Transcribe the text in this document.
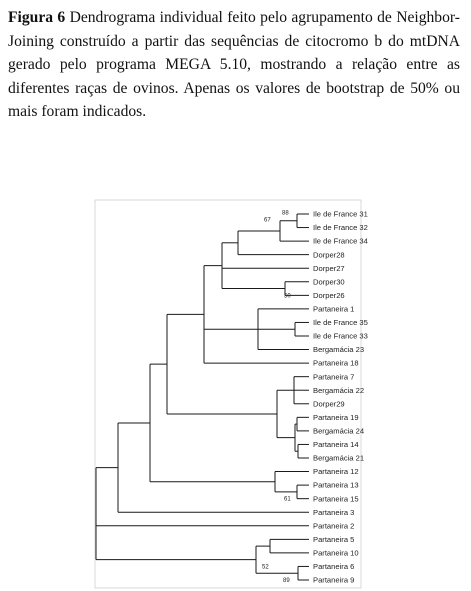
Figura 6 Dendrograma individual feito pelo agrupamento de Neighbor-Joining construído a partir das sequências de citocromo b do mtDNA gerado pelo programa MEGA 5.10, mostrando a relação entre as diferentes raças de ovinos. Apenas os valores de bootstrap de 50% ou mais foram indicados.

Ile de France 31
Ile de France 32
Ile de France 34
Dorper28
Dorper27
Dorper30
Dorper26
Partaneira 1
Ile de France 35
Ile de France 33
Bergamácia 23
Partaneira 18
Partaneira 7
Bergamácia 22
Dorper29
Partaneira 19
Bergamácia 24
Partaneira 14
Bergamácia 21
Partaneira 12
Partaneira 13
Partaneira 15
Partaneira 3
Partaneira 2
Partaneira 5
Partaneira 10
Partaneira 6
Partaneira 9
88
67
50
61
52
89
